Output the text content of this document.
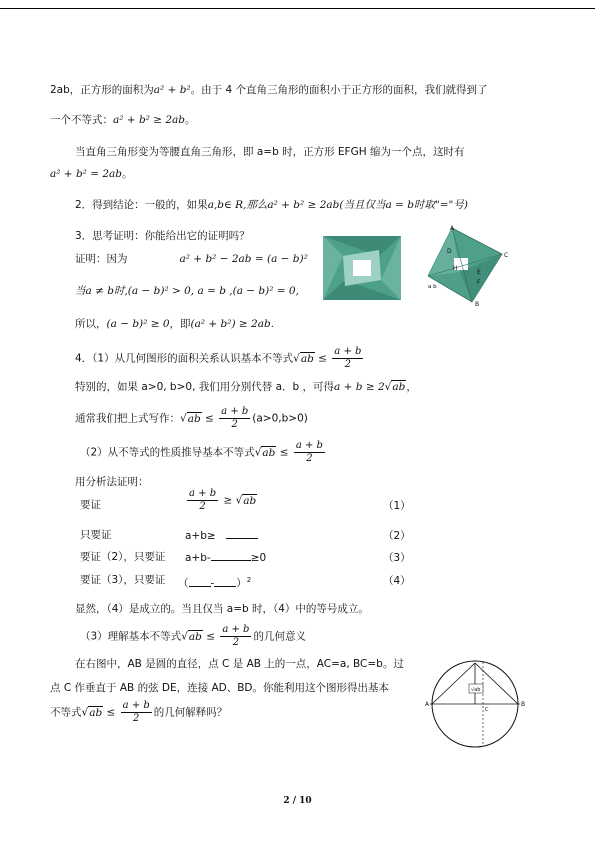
2ab，正方形的面积为a² + b²。由于 4 个直角三角形的面积小于正方形的面积，我们就得到了
一个不等式：a² + b² ≥ 2ab。
当直角三角形变为等腰直角三角形，即 a=b 时，正方形 EFGH 缩为一个点，这时有
a² + b² = 2ab。
2．得到结论：一般的，如果a,b∈ R,那么a² + b² ≥ 2ab(当且仅当a = b时取"="号)
3．思考证明：你能给出它的证明吗？
证明：因为	a² + b² − 2ab = (a − b)²
当a ≠ b时,(a − b)² > 0, a = b ,(a − b)² = 0,
所以，(a − b)² ≥ 0，即(a² + b²) ≥ 2ab.
4．（1）从几何图形的面积关系认识基本不等式$√ab \le \frac{a + b}{2}$
特别的，如果 a>0, b>0, 我们用分别代替 a．b ，可得a + b ≥ 2√ab，
通常我们把上式写作：$√ab \le \frac{a + b}{2} (a>0,b>0)$
（2）从不等式的性质推导基本不等式$√ab \le \frac{a + b}{2}$
用分析法证明：
要证	$\frac{a + b}{2} \ge √ab$	（1）
只要证	a+b≥	（2）
要证（2），只要证 a+b-	≥0	（3）
要证（3），只要证 （ - ）$^2$	（4）
显然，（4）是成立的。当且仅当 a=b 时，（4）中的等号成立。
（3）理解基本不等式$√ab \le \frac{a + b}{2}$ 的几何意义
在右图中，AB 是圆的直径，点 C 是 AB 上的一点，AC=a, BC=b。过
点 C 作垂直于 AB 的弦 DE，连接 AD、BD。你能利用这个图形得出基本
不等式$√ab \le \frac{a + b}{2}$ 的几何解释吗？
A
C
D
E
H
F
B
a b
√ab
A	B
C
2 / 10
